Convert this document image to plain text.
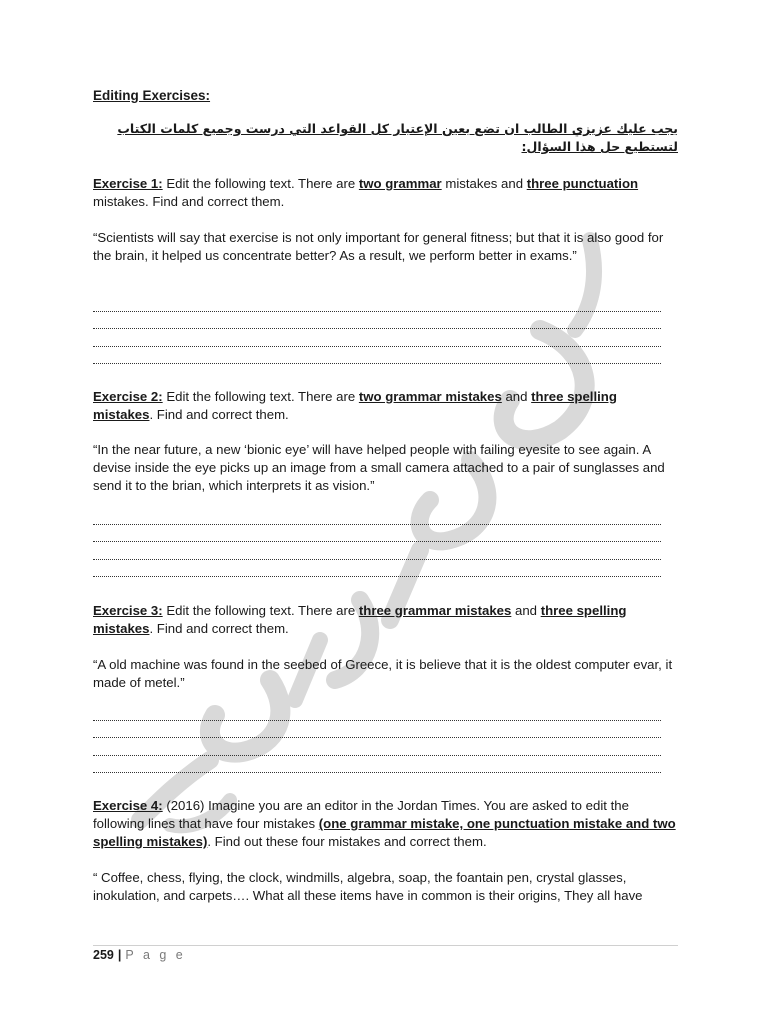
Editing Exercises:
يجب عليك عزيزي الطالب ان تضع بعين الإعتبار كل القواعد التي درست وجميع كلمات الكتاب لتستطيع حل هذا السؤال:
Exercise 1: Edit the following text. There are two grammar mistakes and three punctuation mistakes. Find and correct them.
“Scientists will say that exercise is not only important for general fitness; but that it is also good for the brain, it helped us concentrate better? As a result, we perform better in exams.”
Exercise 2: Edit the following text. There are two grammar mistakes and three spelling mistakes. Find and correct them.
“In the near future, a new ‘bionic eye’ will have helped people with failing eyesite to see again. A devise inside the eye picks up an image from a small camera attached to a pair of sunglasses and send it to the brian, which interprets it as vision.”
Exercise 3: Edit the following text. There are three grammar mistakes and three spelling mistakes. Find and correct them.
“A old machine was found in the seebed of Greece, it is believe that it is the oldest computer evar, it made of metel.”
Exercise 4: (2016) Imagine you are an editor in the Jordan Times. You are asked to edit the following lines that have four mistakes (one grammar mistake, one punctuation mistake and two spelling mistakes). Find out these four mistakes and correct them.
“ Coffee, chess, flying, the clock, windmills, algebra, soap, the foantain pen, crystal glasses, inokulation, and carpets…. What all these items have in common is their origins, They all have
259 | P a g e
